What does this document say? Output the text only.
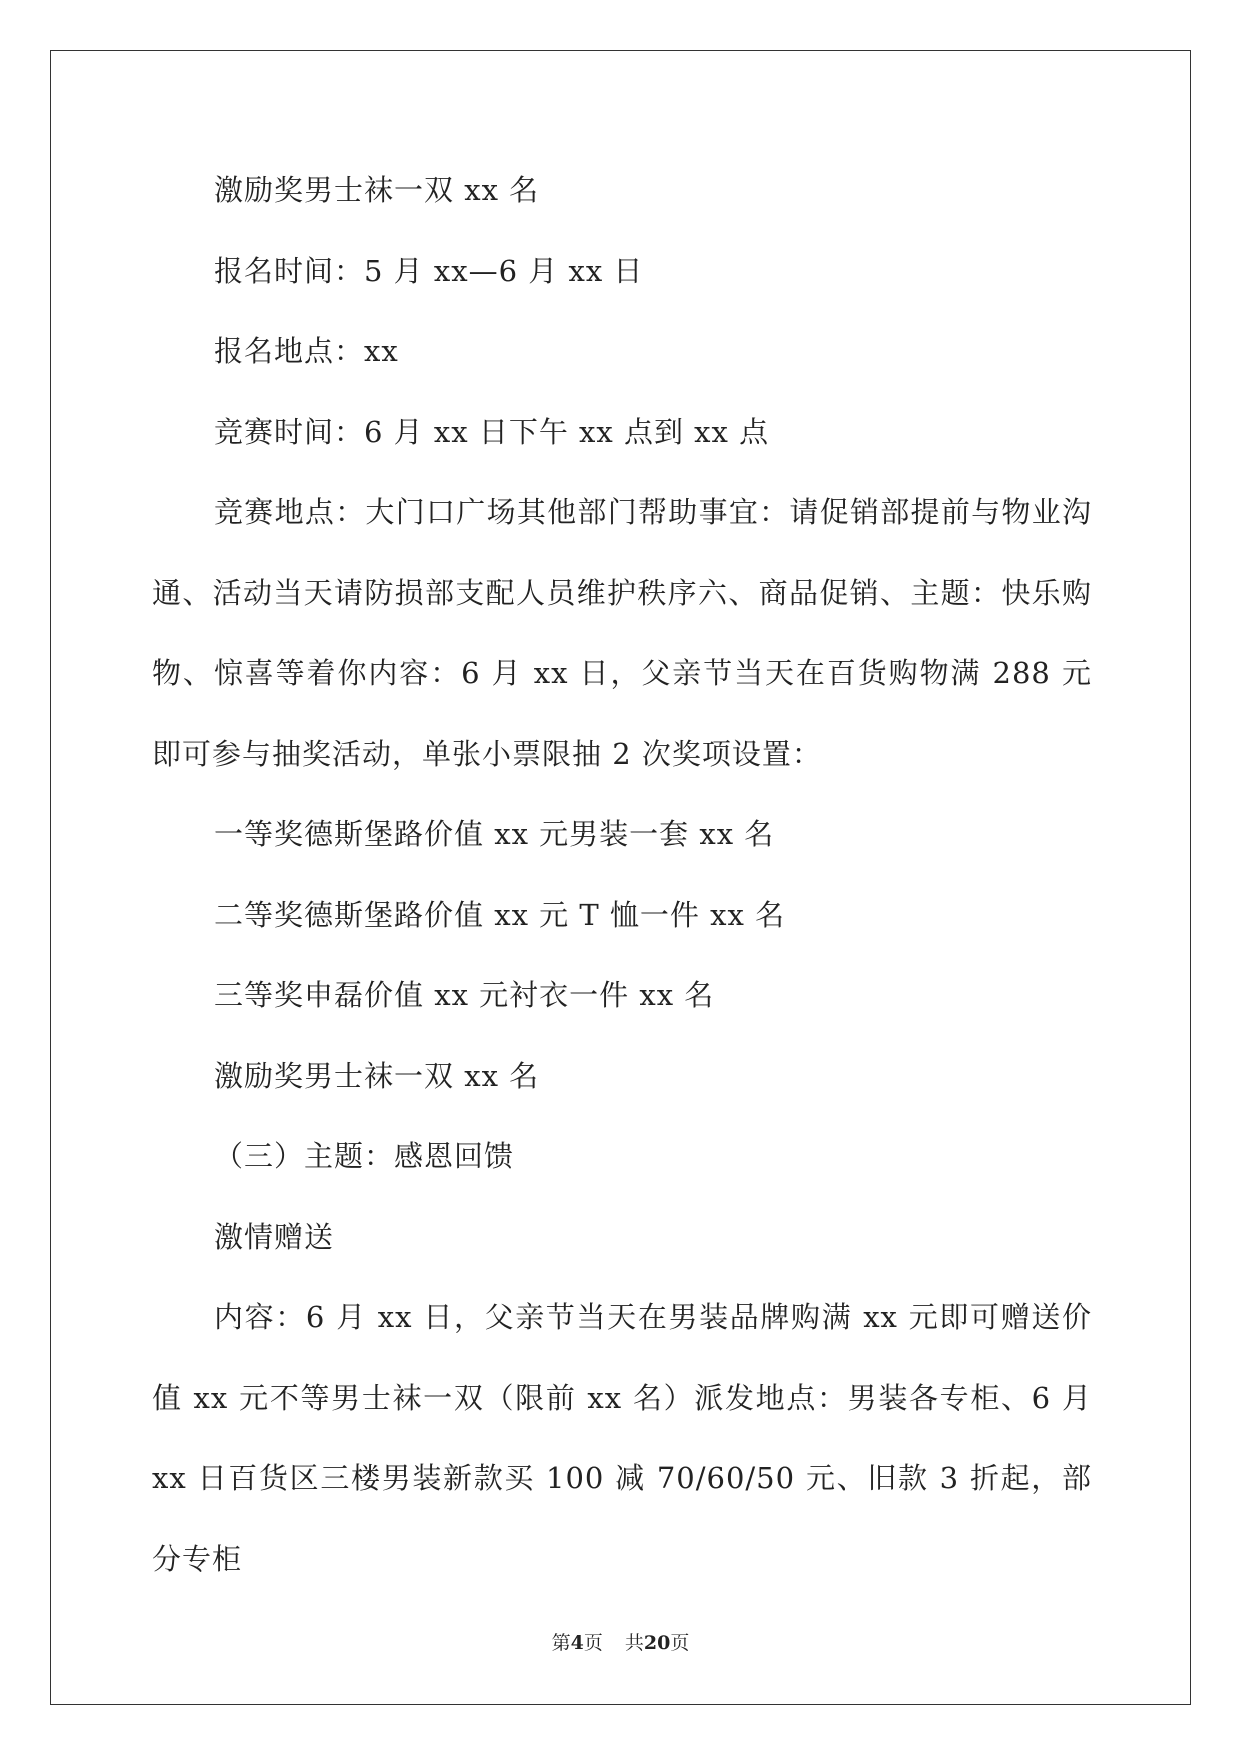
激励奖男士袜一双 xx 名

报名时间：5 月 xx—6 月 xx 日

报名地点：xx

竞赛时间：6 月 xx 日下午 xx 点到 xx 点

竞赛地点：大门口广场其他部门帮助事宜：请促销部提前与物业沟通、活动当天请防损部支配人员维护秩序六、商品促销、主题：快乐购物、惊喜等着你内容：6 月 xx 日，父亲节当天在百货购物满 288 元即可参与抽奖活动，单张小票限抽 2 次奖项设置：

一等奖德斯堡路价值 xx 元男装一套 xx 名

二等奖德斯堡路价值 xx 元 T 恤一件 xx 名

三等奖申磊价值 xx 元衬衣一件 xx 名

激励奖男士袜一双 xx 名

（三）主题：感恩回馈

激情赠送

内容：6 月 xx 日，父亲节当天在男装品牌购满 xx 元即可赠送价值 xx 元不等男士袜一双（限前 xx 名）派发地点：男装各专柜、6 月 xx 日百货区三楼男装新款买 100 减 70/60/50 元、旧款 3 折起，部分专柜

第4页 共20页
